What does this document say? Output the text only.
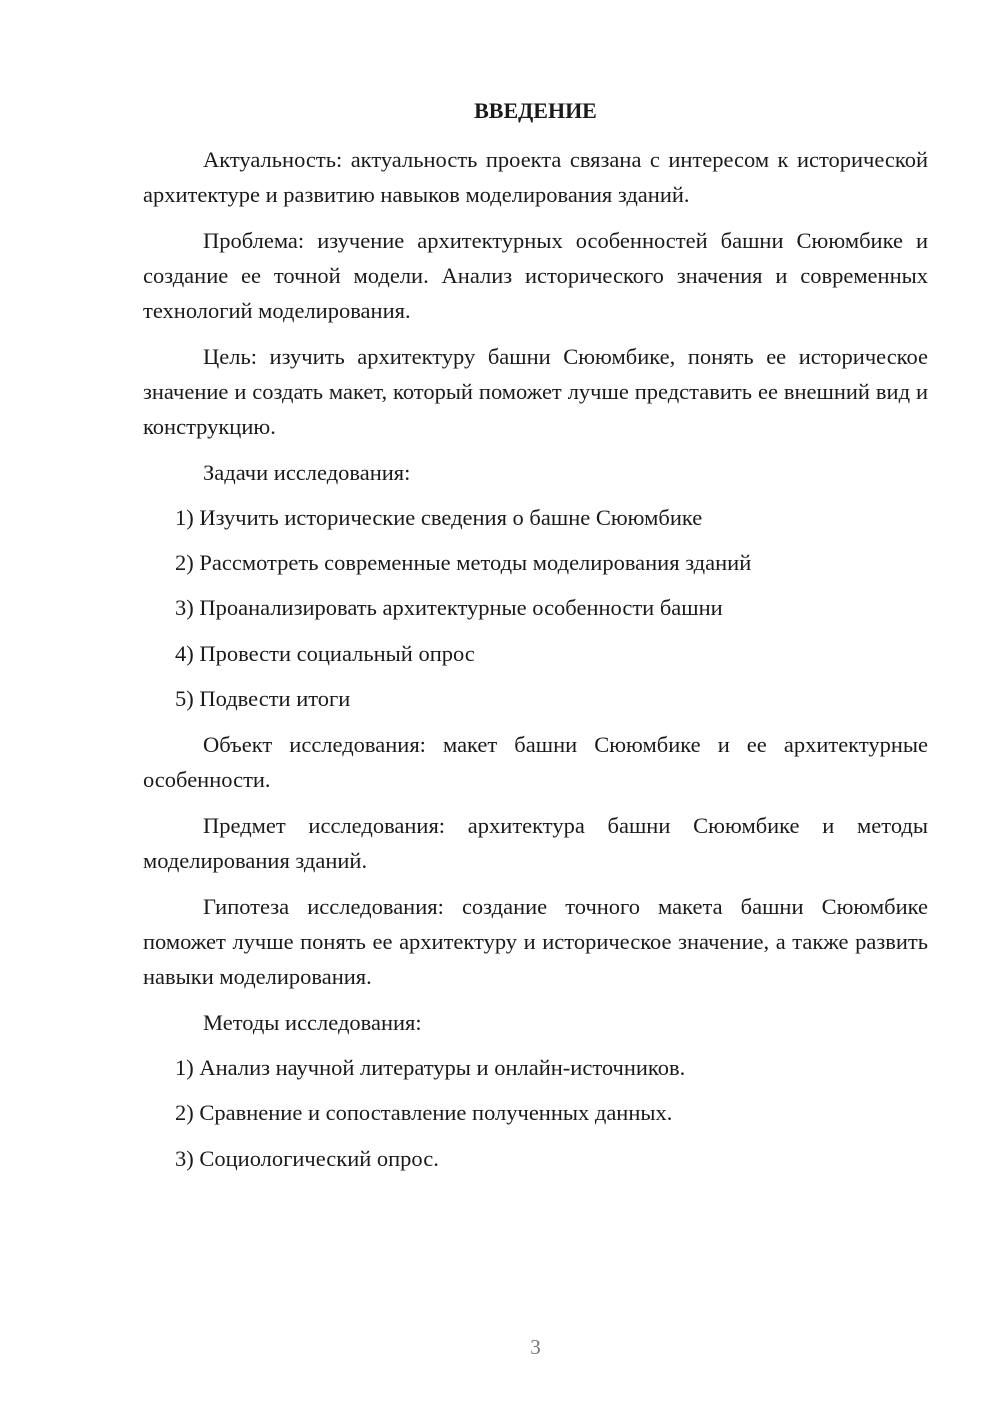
ВВЕДЕНИЕ

Актуальность: актуальность проекта связана с интересом к исторической архитектуре и развитию навыков моделирования зданий.

Проблема: изучение архитектурных особенностей башни Сююмбике и создание ее точной модели. Анализ исторического значения и современных технологий моделирования.

Цель: изучить архитектуру башни Сююмбике, понять ее историческое значение и создать макет, который поможет лучше представить ее внешний вид и конструкцию.

Задачи исследования:

1) Изучить исторические сведения о башне Сююмбике

2) Рассмотреть современные методы моделирования зданий

3) Проанализировать архитектурные особенности башни

4) Провести социальный опрос

5) Подвести итоги

Объект исследования: макет башни Сююмбике и ее архитектурные особенности.

Предмет исследования: архитектура башни Сююмбике и методы моделирования зданий.

Гипотеза исследования: создание точного макета башни Сююмбике поможет лучше понять ее архитектуру и историческое значение, а также развить навыки моделирования.

Методы исследования:

1) Анализ научной литературы и онлайн-источников.

2) Сравнение и сопоставление полученных данных.

3) Социологический опрос.

3
